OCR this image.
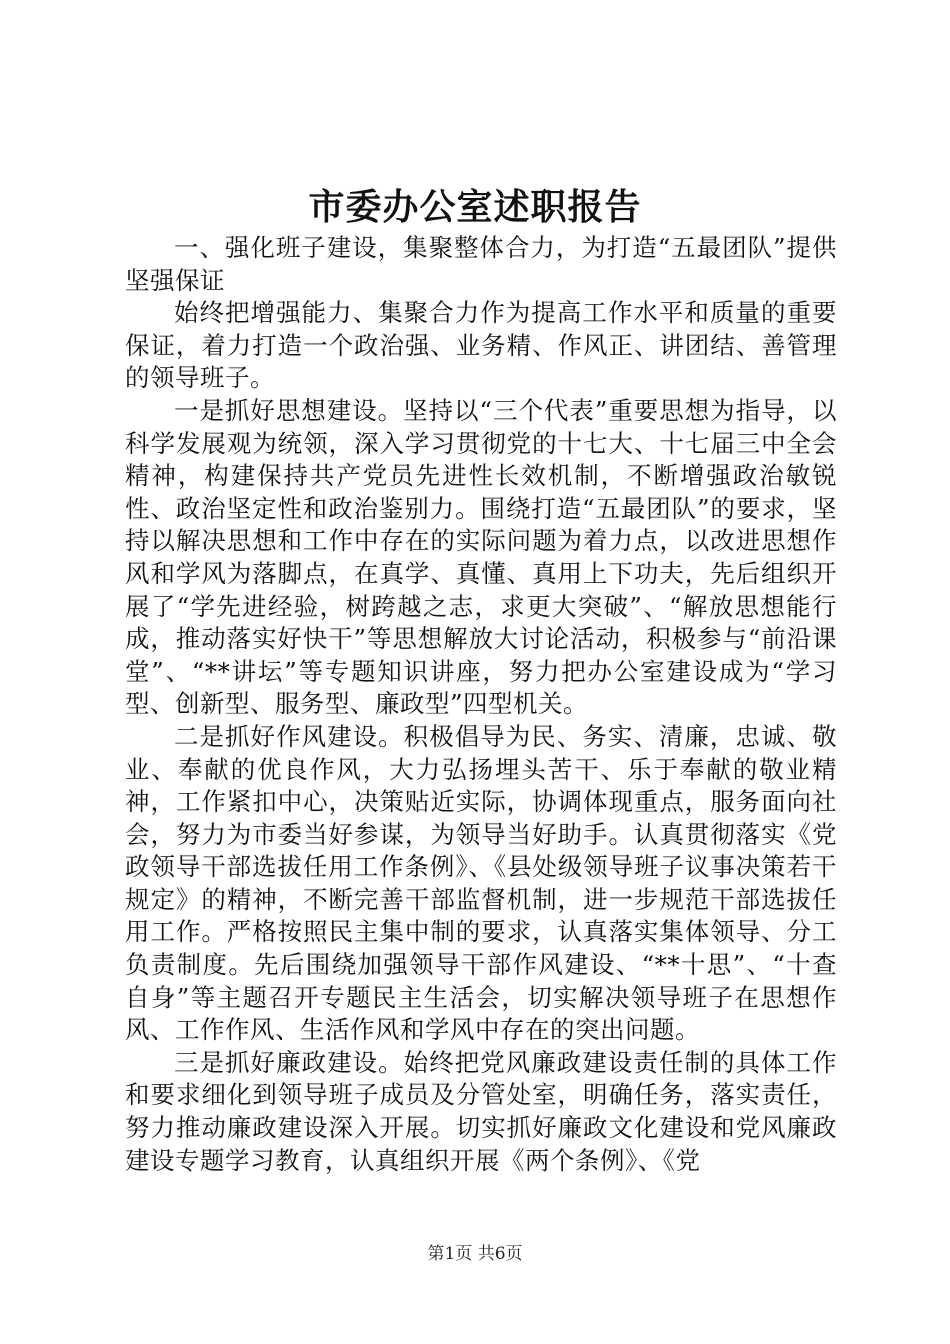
市委办公室述职报告

一、强化班子建设，集聚整体合力，为打造“五最团队”提供坚强保证

始终把增强能力、集聚合力作为提高工作水平和质量的重要保证，着力打造一个政治强、业务精、作风正、讲团结、善管理的领导班子。

一是抓好思想建设。坚持以“三个代表”重要思想为指导，以科学发展观为统领，深入学习贯彻党的十七大、十七届三中全会精神，构建保持共产党员先进性长效机制，不断增强政治敏锐性、政治坚定性和政治鉴别力。围绕打造“五最团队”的要求，坚持以解决思想和工作中存在的实际问题为着力点，以改进思想作风和学风为落脚点，在真学、真懂、真用上下功夫，先后组织开展了“学先进经验，树跨越之志，求更大突破”、“解放思想能行成，推动落实好快干”等思想解放大讨论活动，积极参与“前沿课堂”、“**讲坛”等专题知识讲座，努力把办公室建设成为“学习型、创新型、服务型、廉政型”四型机关。

二是抓好作风建设。积极倡导为民、务实、清廉，忠诚、敬业、奉献的优良作风，大力弘扬埋头苦干、乐于奉献的敬业精神，工作紧扣中心，决策贴近实际，协调体现重点，服务面向社会，努力为市委当好参谋，为领导当好助手。认真贯彻落实《党政领导干部选拔任用工作条例》、《县处级领导班子议事决策若干规定》的精神，不断完善干部监督机制，进一步规范干部选拔任用工作。严格按照民主集中制的要求，认真落实集体领导、分工负责制度。先后围绕加强领导干部作风建设、“**十思”、“十查自身”等主题召开专题民主生活会，切实解决领导班子在思想作风、工作作风、生活作风和学风中存在的突出问题。

三是抓好廉政建设。始终把党风廉政建设责任制的具体工作和要求细化到领导班子成员及分管处室，明确任务，落实责任，努力推动廉政建设深入开展。切实抓好廉政文化建设和党风廉政建设专题学习教育，认真组织开展《两个条例》、《党

第1页 共6页
